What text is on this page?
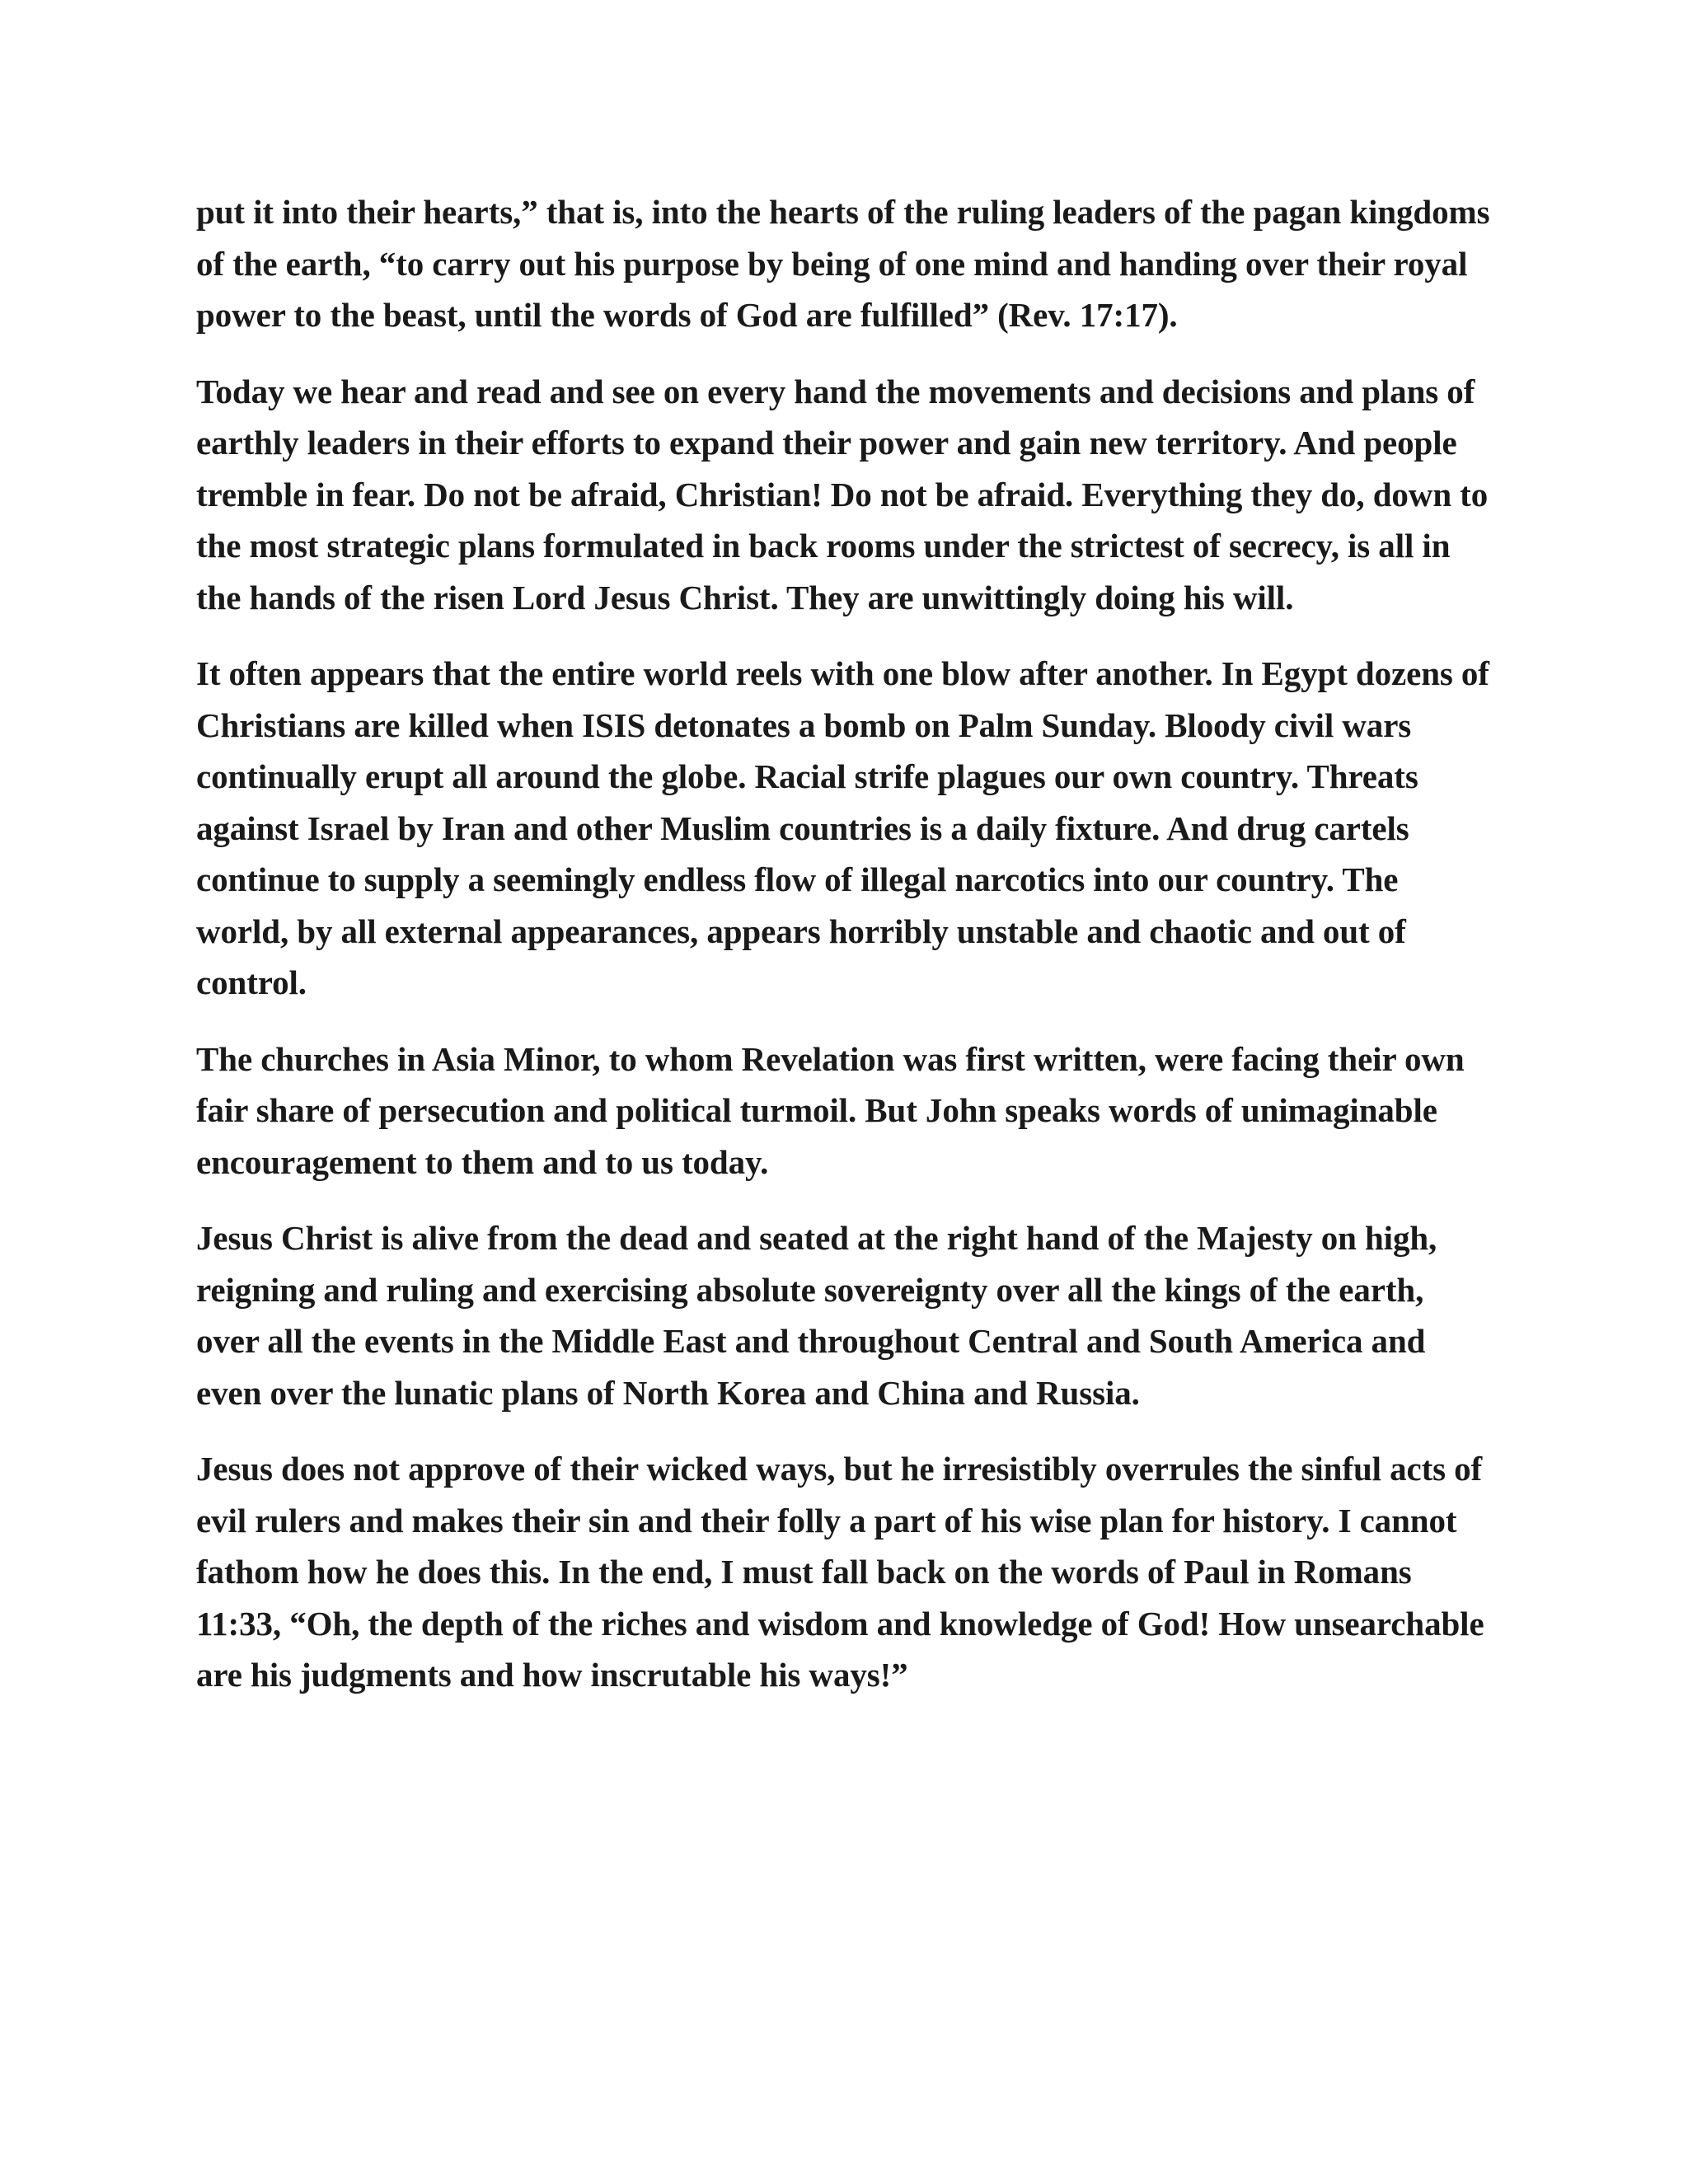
put it into their hearts,” that is, into the hearts of the ruling leaders of the pagan kingdoms of the earth, “to carry out his purpose by being of one mind and handing over their royal power to the beast, until the words of God are fulfilled” (Rev. 17:17).

Today we hear and read and see on every hand the movements and decisions and plans of earthly leaders in their efforts to expand their power and gain new territory. And people tremble in fear. Do not be afraid, Christian! Do not be afraid. Everything they do, down to the most strategic plans formulated in back rooms under the strictest of secrecy, is all in the hands of the risen Lord Jesus Christ. They are unwittingly doing his will.

It often appears that the entire world reels with one blow after another. In Egypt dozens of Christians are killed when ISIS detonates a bomb on Palm Sunday. Bloody civil wars continually erupt all around the globe. Racial strife plagues our own country. Threats against Israel by Iran and other Muslim countries is a daily fixture. And drug cartels continue to supply a seemingly endless flow of illegal narcotics into our country. The world, by all external appearances, appears horribly unstable and chaotic and out of control.

The churches in Asia Minor, to whom Revelation was first written, were facing their own fair share of persecution and political turmoil. But John speaks words of unimaginable encouragement to them and to us today.

Jesus Christ is alive from the dead and seated at the right hand of the Majesty on high, reigning and ruling and exercising absolute sovereignty over all the kings of the earth, over all the events in the Middle East and throughout Central and South America and even over the lunatic plans of North Korea and China and Russia.

Jesus does not approve of their wicked ways, but he irresistibly overrules the sinful acts of evil rulers and makes their sin and their folly a part of his wise plan for history. I cannot fathom how he does this. In the end, I must fall back on the words of Paul in Romans 11:33, “Oh, the depth of the riches and wisdom and knowledge of God! How unsearchable are his judgments and how inscrutable his ways!”
